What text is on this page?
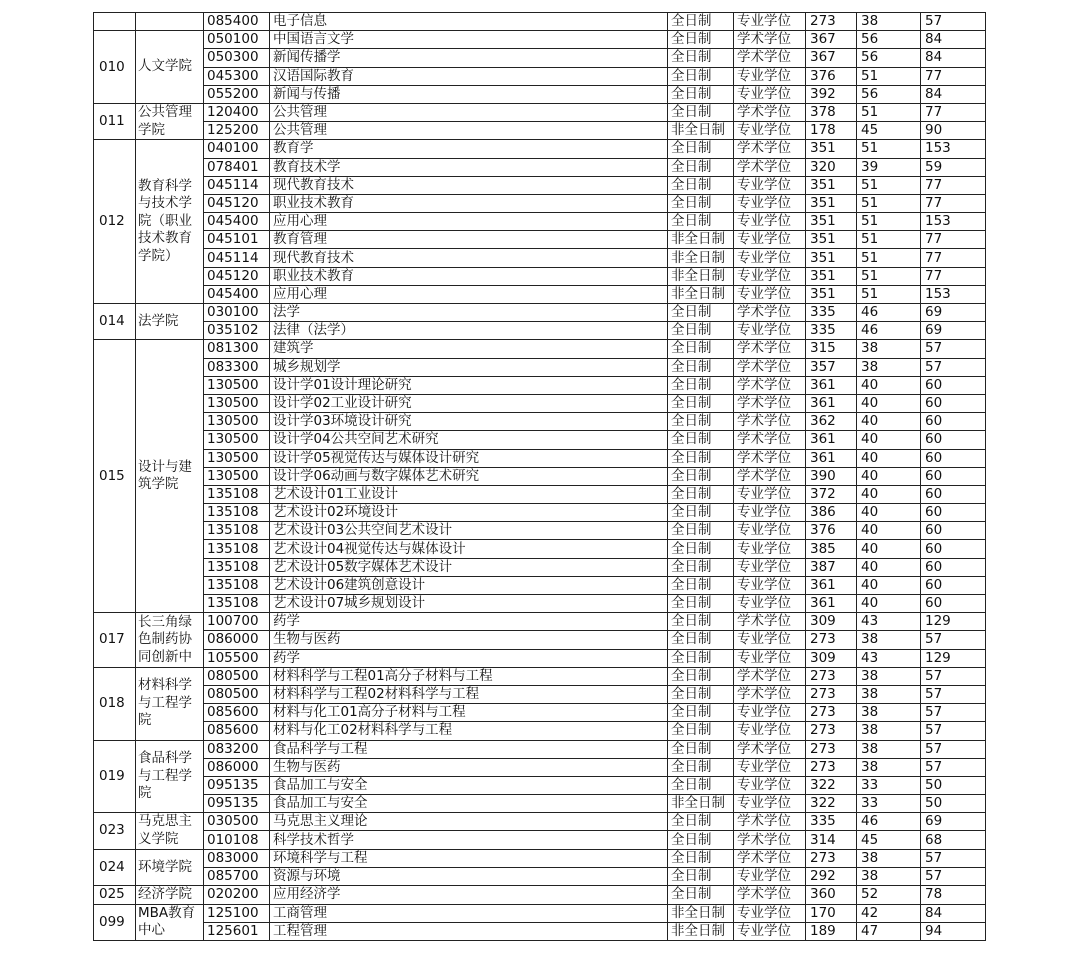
		085400	电子信息	全日制	专业学位	273	38	57
010	人文学院	050100	中国语言文学	全日制	学术学位	367	56	84
		050300	新闻传播学	全日制	学术学位	367	56	84
		045300	汉语国际教育	全日制	专业学位	376	51	77
		055200	新闻与传播	全日制	专业学位	392	56	84
011	公共管理学院	120400	公共管理	全日制	学术学位	378	51	77
		125200	公共管理	非全日制	专业学位	178	45	90
012	教育科学与技术学院（职业技术教育学院）	040100	教育学	全日制	学术学位	351	51	153
		078401	教育技术学	全日制	学术学位	320	39	59
		045114	现代教育技术	全日制	专业学位	351	51	77
		045120	职业技术教育	全日制	专业学位	351	51	77
		045400	应用心理	全日制	专业学位	351	51	153
		045101	教育管理	非全日制	专业学位	351	51	77
		045114	现代教育技术	非全日制	专业学位	351	51	77
		045120	职业技术教育	非全日制	专业学位	351	51	77
		045400	应用心理	非全日制	专业学位	351	51	153
014	法学院	030100	法学	全日制	学术学位	335	46	69
		035102	法律（法学）	全日制	专业学位	335	46	69
015	设计与建筑学院	081300	建筑学	全日制	学术学位	315	38	57
		083300	城乡规划学	全日制	学术学位	357	38	57
		130500	设计学01设计理论研究	全日制	学术学位	361	40	60
		130500	设计学02工业设计研究	全日制	学术学位	361	40	60
		130500	设计学03环境设计研究	全日制	学术学位	362	40	60
		130500	设计学04公共空间艺术研究	全日制	学术学位	361	40	60
		130500	设计学05视觉传达与媒体设计研究	全日制	学术学位	361	40	60
		130500	设计学06动画与数字媒体艺术研究	全日制	学术学位	390	40	60
		135108	艺术设计01工业设计	全日制	专业学位	372	40	60
		135108	艺术设计02环境设计	全日制	专业学位	386	40	60
		135108	艺术设计03公共空间艺术设计	全日制	专业学位	376	40	60
		135108	艺术设计04视觉传达与媒体设计	全日制	专业学位	385	40	60
		135108	艺术设计05数字媒体艺术设计	全日制	专业学位	387	40	60
		135108	艺术设计06建筑创意设计	全日制	专业学位	361	40	60
		135108	艺术设计07城乡规划设计	全日制	专业学位	361	40	60
017	长三角绿色制药协同创新中	100700	药学	全日制	学术学位	309	43	129
		086000	生物与医药	全日制	专业学位	273	38	57
		105500	药学	全日制	专业学位	309	43	129
018	材料科学与工程学院	080500	材料科学与工程01高分子材料与工程	全日制	学术学位	273	38	57
		080500	材料科学与工程02材料科学与工程	全日制	学术学位	273	38	57
		085600	材料与化工01高分子材料与工程	全日制	专业学位	273	38	57
		085600	材料与化工02材料科学与工程	全日制	专业学位	273	38	57
019	食品科学与工程学院	083200	食品科学与工程	全日制	学术学位	273	38	57
		086000	生物与医药	全日制	专业学位	273	38	57
		095135	食品加工与安全	全日制	专业学位	322	33	50
		095135	食品加工与安全	非全日制	专业学位	322	33	50
023	马克思主义学院	030500	马克思主义理论	全日制	学术学位	335	46	69
		010108	科学技术哲学	全日制	学术学位	314	45	68
024	环境学院	083000	环境科学与工程	全日制	学术学位	273	38	57
		085700	资源与环境	全日制	专业学位	292	38	57
025	经济学院	020200	应用经济学	全日制	学术学位	360	52	78
099	MBA教育中心	125100	工商管理	非全日制	专业学位	170	42	84
		125601	工程管理	非全日制	专业学位	189	47	94
